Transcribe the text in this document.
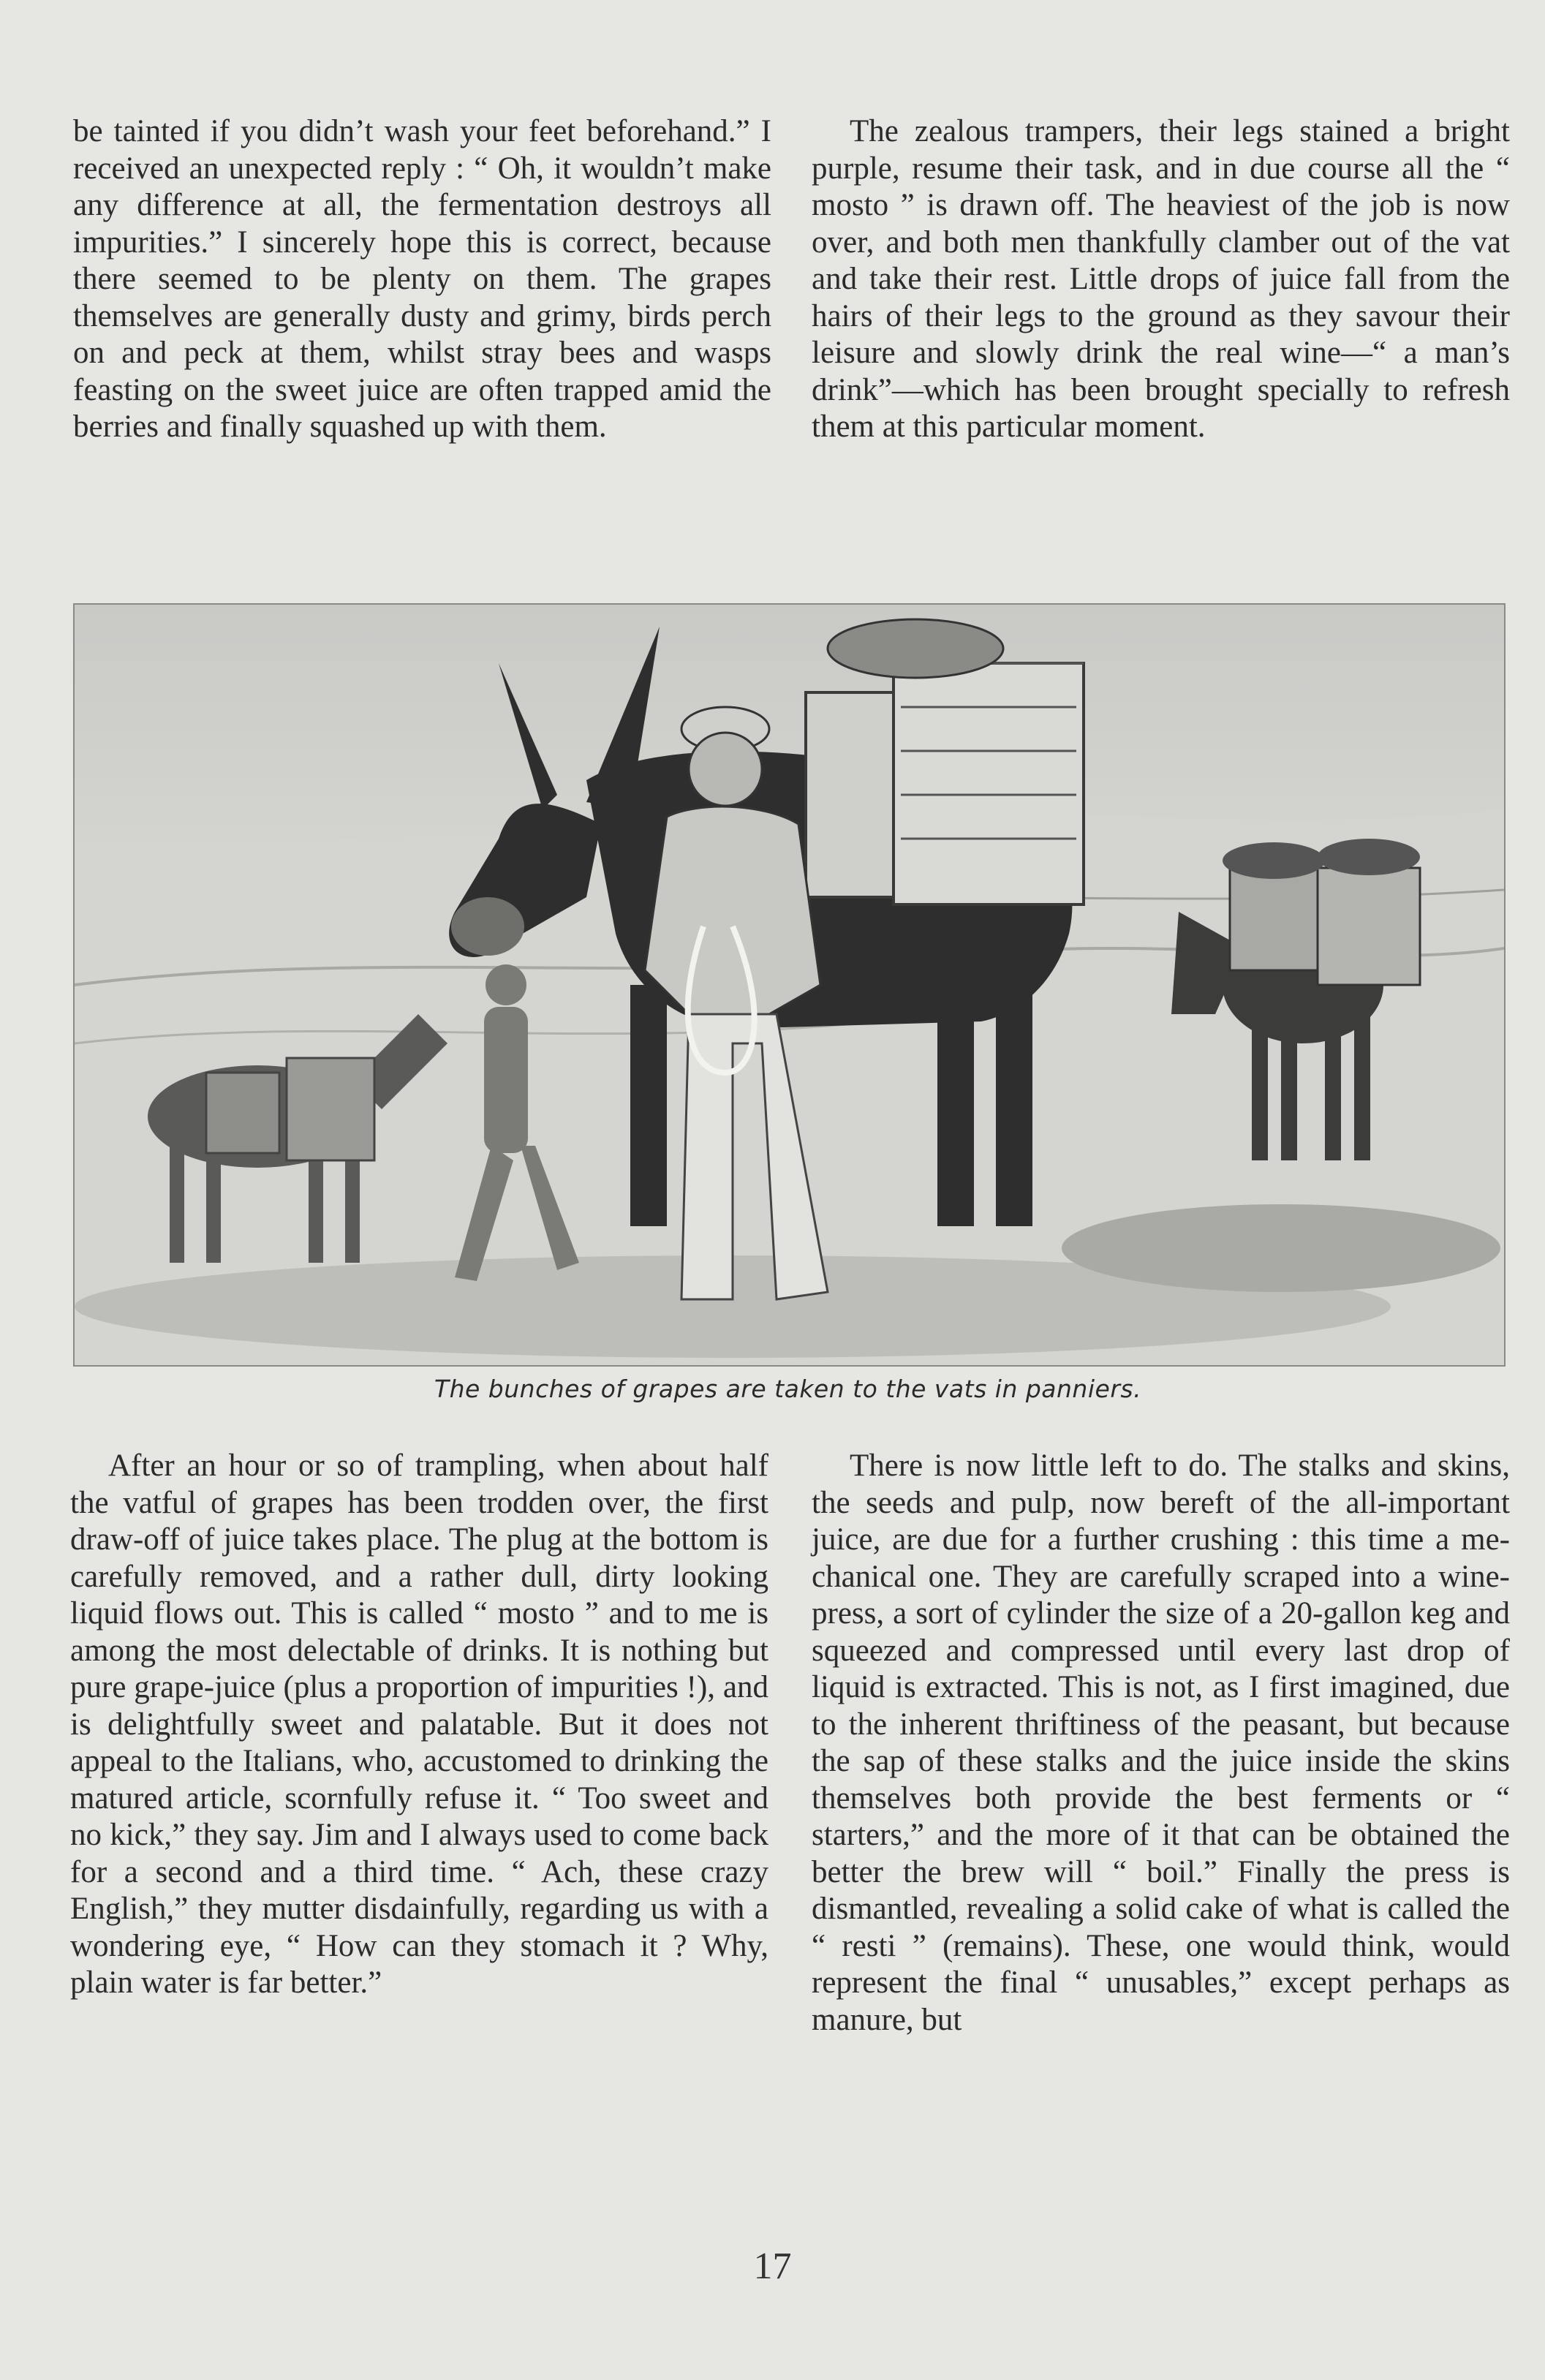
be tainted if you didn’t wash your feet beforehand.” I received an unexpected reply : “ Oh, it wouldn’t make any difference at all, the fermentation destroys all impurities.” I sincerely hope this is correct, because there seemed to be plenty on them. The grapes themselves are generally dusty and grimy, birds perch on and peck at them, whilst stray bees and wasps feasting on the sweet juice are often trapped amid the berries and finally squashed up with them.

The zealous trampers, their legs stained a bright purple, resume their task, and in due course all the “ mosto ” is drawn off. The heaviest of the job is now over, and both men thankfully clamber out of the vat and take their rest. Little drops of juice fall from the hairs of their legs to the ground as they savour their leisure and slowly drink the real wine—“ a man’s drink”—which has been brought specially to refresh them at this particular moment.

The bunches of grapes are taken to the vats in panniers.

After an hour or so of trampling, when about half the vatful of grapes has been trodden over, the first draw-off of juice takes place. The plug at the bottom is carefully removed, and a rather dull, dirty looking liquid flows out. This is called “ mosto ” and to me is among the most delectable of drinks. It is nothing but pure grape-juice (plus a proportion of impurities !), and is delightfully sweet and palatable. But it does not appeal to the Italians, who, accustomed to drinking the matured article, scornfully refuse it. “ Too sweet and no kick,” they say. Jim and I always used to come back for a second and a third time. “ Ach, these crazy English,” they mutter disdainfully, regarding us with a wondering eye, “ How can they stomach it ? Why, plain water is far better.”

There is now little left to do. The stalks and skins, the seeds and pulp, now bereft of the all-important juice, are due for a further crushing : this time a mechanical one. They are carefully scraped into a wine-press, a sort of cylinder the size of a 20-gallon keg and squeezed and compressed until every last drop of liquid is extracted. This is not, as I first imagined, due to the inherent thriftiness of the peasant, but because the sap of these stalks and the juice inside the skins themselves both provide the best ferments or “ starters,” and the more of it that can be obtained the better the brew will “ boil.” Finally the press is dismantled, revealing a solid cake of what is called the “ resti ” (remains). These, one would think, would represent the final “ unusables,” except perhaps as manure, but

17
